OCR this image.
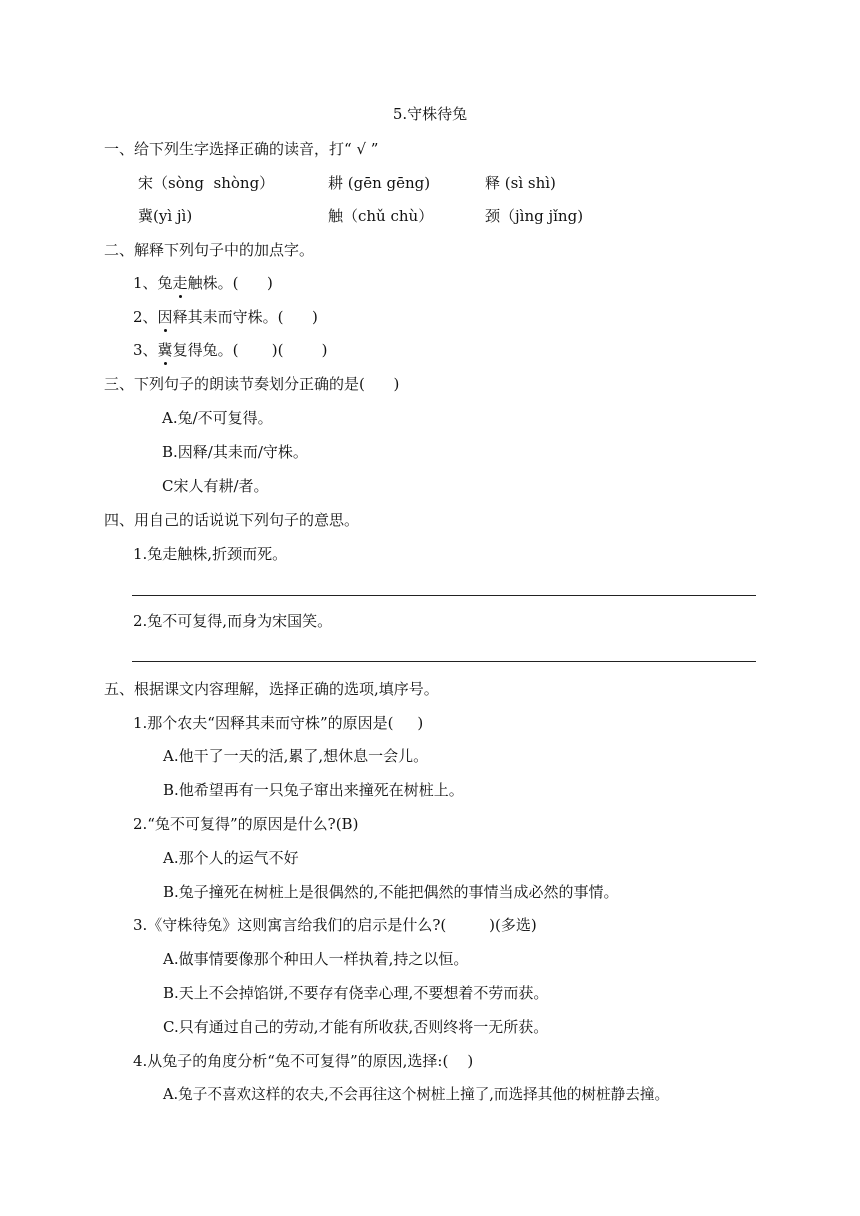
5.守株待兔
一、给下列生字选择正确的读音，打“ √ ”
宋（sòng  shòng）	耕 (gēn gēng)	释 (sì shì)
冀(yì jì)	触（chǔ chù）	颈（jìng jǐng)
二、解释下列句子中的加点字。
1、兔走触株。(      )
2、因释其耒而守株。(      )
3、冀复得兔。(       )(        )
三、下列句子的朗读节奏划分正确的是(      )
A.兔/不可复得。
B.因释/其耒而/守株。
C宋人有耕/者。
四、用自己的话说说下列句子的意思。
1.兔走触株,折颈而死。
2.兔不可复得,而身为宋国笑。
五、根据课文内容理解，选择正确的选项,填序号。
1.那个农夫“因释其耒而守株”的原因是(     )
A.他干了一天的活,累了,想休息一会儿。
B.他希望再有一只兔子窜出来撞死在树桩上。
2.“兔不可复得”的原因是什么?(B)
A.那个人的运气不好
B.兔子撞死在树桩上是很偶然的,不能把偶然的事情当成必然的事情。
3.《守株待兔》这则寓言给我们的启示是什么?(         )(多选)
A.做事情要像那个种田人一样执着,持之以恒。
B.天上不会掉馅饼,不要存有侥幸心理,不要想着不劳而获。
C.只有通过自己的劳动,才能有所收获,否则终将一无所获。
4.从兔子的角度分析“兔不可复得”的原因,选择:(    )
A.兔子不喜欢这样的农夫,不会再往这个树桩上撞了,而选择其他的树桩静去撞。
